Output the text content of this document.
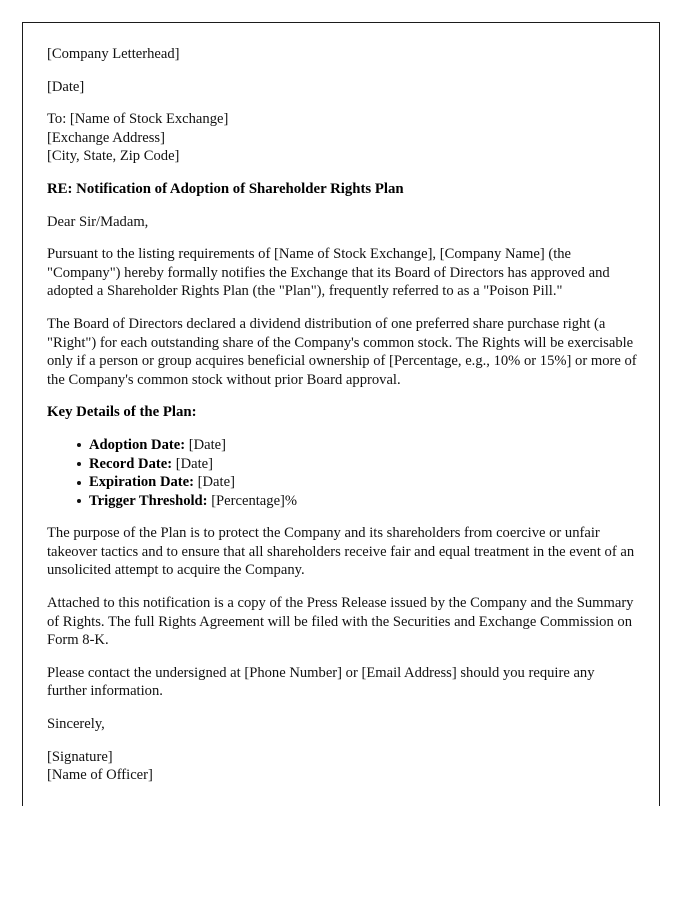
[Company Letterhead]

[Date]

To: [Name of Stock Exchange]
[Exchange Address]
[City, State, Zip Code]

RE: Notification of Adoption of Shareholder Rights Plan

Dear Sir/Madam,

Pursuant to the listing requirements of [Name of Stock Exchange], [Company Name] (the "Company") hereby formally notifies the Exchange that its Board of Directors has approved and adopted a Shareholder Rights Plan (the "Plan"), frequently referred to as a "Poison Pill."

The Board of Directors declared a dividend distribution of one preferred share purchase right (a "Right") for each outstanding share of the Company's common stock. The Rights will be exercisable only if a person or group acquires beneficial ownership of [Percentage, e.g., 10% or 15%] or more of the Company's common stock without prior Board approval.

Key Details of the Plan:

Adoption Date: [Date]
Record Date: [Date]
Expiration Date: [Date]
Trigger Threshold: [Percentage]%

The purpose of the Plan is to protect the Company and its shareholders from coercive or unfair takeover tactics and to ensure that all shareholders receive fair and equal treatment in the event of an unsolicited attempt to acquire the Company.

Attached to this notification is a copy of the Press Release issued by the Company and the Summary of Rights. The full Rights Agreement will be filed with the Securities and Exchange Commission on Form 8-K.

Please contact the undersigned at [Phone Number] or [Email Address] should you require any further information.

Sincerely,

[Signature]
[Name of Officer]
